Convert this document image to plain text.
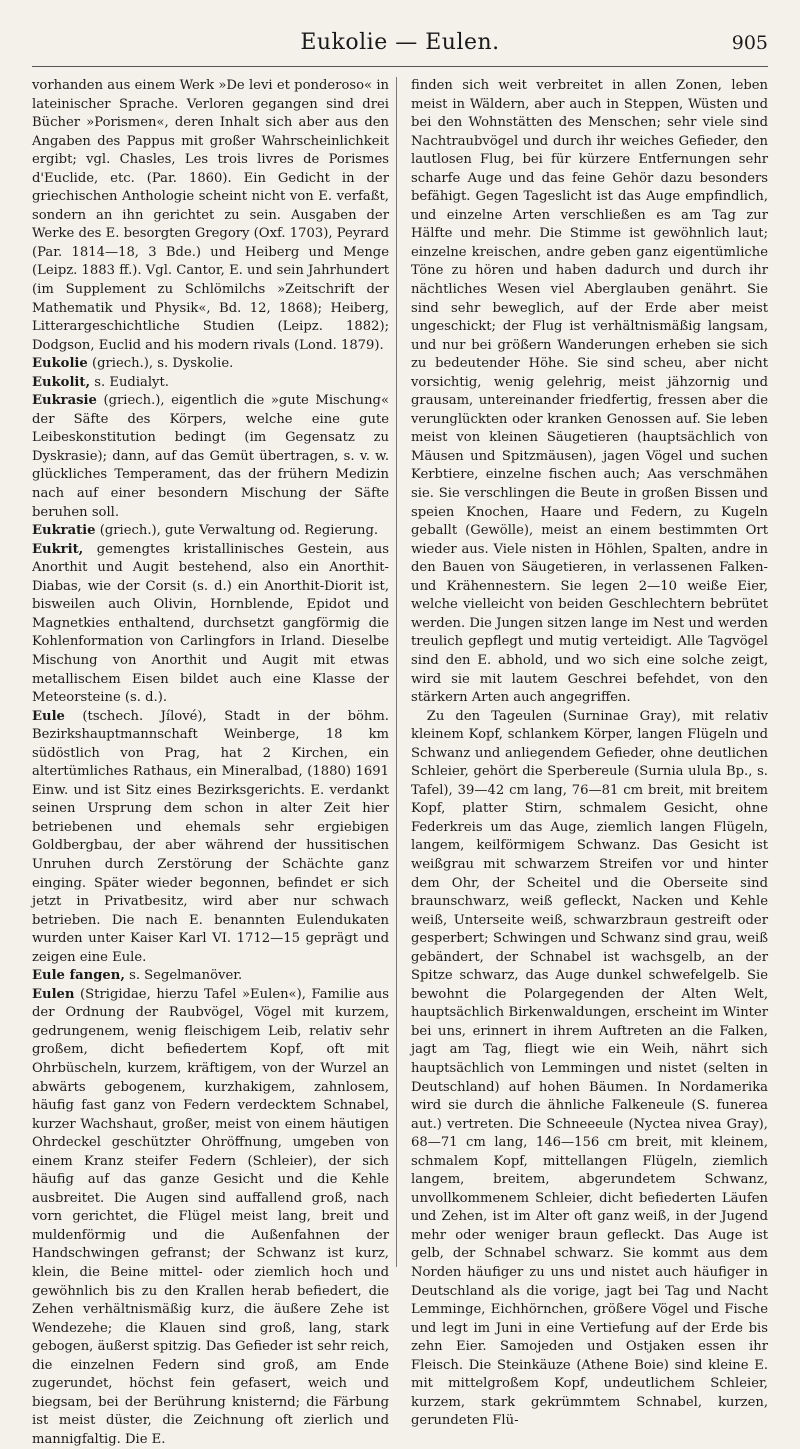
Eukolie — Eulen.	905

vorhanden aus einem Werk »De levi et ponderoso« in lateinischer Sprache. Verloren gegangen sind drei Bücher »Porismen«, deren Inhalt sich aber aus den Angaben des Pappus mit großer Wahrscheinlichkeit ergibt; vgl. Chasles, Les trois livres de Porismes d'Euclide, etc. (Par. 1860). Ein Gedicht in der griechischen Anthologie scheint nicht von E. verfaßt, sondern an ihn gerichtet zu sein. Ausgaben der Werke des E. besorgten Gregory (Oxf. 1703), Peyrard (Par. 1814—18, 3 Bde.) und Heiberg und Menge (Leipz. 1883 ff.). Vgl. Cantor, E. und sein Jahrhundert (im Supplement zu Schlömilchs »Zeitschrift der Mathematik und Physik«, Bd. 12, 1868); Heiberg, Litterargeschichtliche Studien (Leipz. 1882); Dodgson, Euclid and his modern rivals (Lond. 1879).

Eukolie (griech.), s. Dyskolie.

Eukolit, s. Eudialyt.

Eukrasie (griech.), eigentlich die »gute Mischung« der Säfte des Körpers, welche eine gute Leibeskonstitution bedingt (im Gegensatz zu Dyskrasie); dann, auf das Gemüt übertragen, s. v. w. glückliches Temperament, das der frühern Medizin nach auf einer besondern Mischung der Säfte beruhen soll.

Eukratie (griech.), gute Verwaltung od. Regierung.

Eukrit, gemengtes kristallinisches Gestein, aus Anorthit und Augit bestehend, also ein Anorthit-Diabas, wie der Corsit (s. d.) ein Anorthit-Diorit ist, bisweilen auch Olivin, Hornblende, Epidot und Magnetkies enthaltend, durchsetzt gangförmig die Kohlenformation von Carlingfors in Irland. Dieselbe Mischung von Anorthit und Augit mit etwas metallischem Eisen bildet auch eine Klasse der Meteorsteine (s. d.).

Eule (tschech. Jílové), Stadt in der böhm. Bezirkshauptmannschaft Weinberge, 18 km südöstlich von Prag, hat 2 Kirchen, ein altertümliches Rathaus, ein Mineralbad, (1880) 1691 Einw. und ist Sitz eines Bezirksgerichts. E. verdankt seinen Ursprung dem schon in alter Zeit hier betriebenen und ehemals sehr ergiebigen Goldbergbau, der aber während der hussitischen Unruhen durch Zerstörung der Schächte ganz einging. Später wieder begonnen, befindet er sich jetzt in Privatbesitz, wird aber nur schwach betrieben. Die nach E. benannten Eulendukaten wurden unter Kaiser Karl VI. 1712—15 geprägt und zeigen eine Eule.

Eule fangen, s. Segelmanöver.

Eulen (Strigidae, hierzu Tafel »Eulen«), Familie aus der Ordnung der Raubvögel, Vögel mit kurzem, gedrungenem, wenig fleischigem Leib, relativ sehr großem, dicht befiedertem Kopf, oft mit Ohrbüscheln, kurzem, kräftigem, von der Wurzel an abwärts gebogenem, kurzhakigem, zahnlosem, häufig fast ganz von Federn verdecktem Schnabel, kurzer Wachshaut, großer, meist von einem häutigen Ohrdeckel geschützter Ohröffnung, umgeben von einem Kranz steifer Federn (Schleier), der sich häufig auf das ganze Gesicht und die Kehle ausbreitet. Die Augen sind auffallend groß, nach vorn gerichtet, die Flügel meist lang, breit und muldenförmig und die Außenfahnen der Handschwingen gefranst; der Schwanz ist kurz, klein, die Beine mittel- oder ziemlich hoch und gewöhnlich bis zu den Krallen herab befiedert, die Zehen verhältnismäßig kurz, die äußere Zehe ist Wendezehe; die Klauen sind groß, lang, stark gebogen, äußerst spitzig. Das Gefieder ist sehr reich, die einzelnen Federn sind groß, am Ende zugerundet, höchst fein gefasert, weich und biegsam, bei der Berührung knisternd; die Färbung ist meist düster, die Zeichnung oft zierlich und mannigfaltig. Die E.

finden sich weit verbreitet in allen Zonen, leben meist in Wäldern, aber auch in Steppen, Wüsten und bei den Wohnstätten des Menschen; sehr viele sind Nachtraubvögel und durch ihr weiches Gefieder, den lautlosen Flug, bei für kürzere Entfernungen sehr scharfe Auge und das feine Gehör dazu besonders befähigt. Gegen Tageslicht ist das Auge empfindlich, und einzelne Arten verschließen es am Tag zur Hälfte und mehr. Die Stimme ist gewöhnlich laut; einzelne kreischen, andre geben ganz eigentümliche Töne zu hören und haben dadurch und durch ihr nächtliches Wesen viel Aberglauben genährt. Sie sind sehr beweglich, auf der Erde aber meist ungeschickt; der Flug ist verhältnismäßig langsam, und nur bei größern Wanderungen erheben sie sich zu bedeutender Höhe. Sie sind scheu, aber nicht vorsichtig, wenig gelehrig, meist jähzornig und grausam, untereinander friedfertig, fressen aber die verunglückten oder kranken Genossen auf. Sie leben meist von kleinen Säugetieren (hauptsächlich von Mäusen und Spitzmäusen), jagen Vögel und suchen Kerbtiere, einzelne fischen auch; Aas verschmähen sie. Sie verschlingen die Beute in großen Bissen und speien Knochen, Haare und Federn, zu Kugeln geballt (Gewölle), meist an einem bestimmten Ort wieder aus. Viele nisten in Höhlen, Spalten, andre in den Bauen von Säugetieren, in verlassenen Falken- und Krähennestern. Sie legen 2—10 weiße Eier, welche vielleicht von beiden Geschlechtern bebrütet werden. Die Jungen sitzen lange im Nest und werden treulich gepflegt und mutig verteidigt. Alle Tagvögel sind den E. abhold, und wo sich eine solche zeigt, wird sie mit lautem Geschrei befehdet, von den stärkern Arten auch angegriffen.

Zu den Tageulen (Surninae Gray), mit relativ kleinem Kopf, schlankem Körper, langen Flügeln und Schwanz und anliegendem Gefieder, ohne deutlichen Schleier, gehört die Sperbereule (Surnia ulula Bp., s. Tafel), 39—42 cm lang, 76—81 cm breit, mit breitem Kopf, platter Stirn, schmalem Gesicht, ohne Federkreis um das Auge, ziemlich langen Flügeln, langem, keilförmigem Schwanz. Das Gesicht ist weißgrau mit schwarzem Streifen vor und hinter dem Ohr, der Scheitel und die Oberseite sind braunschwarz, weiß gefleckt, Nacken und Kehle weiß, Unterseite weiß, schwarzbraun gestreift oder gesperbert; Schwingen und Schwanz sind grau, weiß gebändert, der Schnabel ist wachsgelb, an der Spitze schwarz, das Auge dunkel schwefelgelb. Sie bewohnt die Polargegenden der Alten Welt, hauptsächlich Birkenwaldungen, erscheint im Winter bei uns, erinnert in ihrem Auftreten an die Falken, jagt am Tag, fliegt wie ein Weih, nährt sich hauptsächlich von Lemmingen und nistet (selten in Deutschland) auf hohen Bäumen. In Nordamerika wird sie durch die ähnliche Falkeneule (S. funerea aut.) vertreten. Die Schneeeule (Nyctea nivea Gray), 68—71 cm lang, 146—156 cm breit, mit kleinem, schmalem Kopf, mittellangen Flügeln, ziemlich langem, breitem, abgerundetem Schwanz, unvollkommenem Schleier, dicht befiederten Läufen und Zehen, ist im Alter oft ganz weiß, in der Jugend mehr oder weniger braun gefleckt. Das Auge ist gelb, der Schnabel schwarz. Sie kommt aus dem Norden häufiger zu uns und nistet auch häufiger in Deutschland als die vorige, jagt bei Tag und Nacht Lemminge, Eichhörnchen, größere Vögel und Fische und legt im Juni in eine Vertiefung auf der Erde bis zehn Eier. Samojeden und Ostjaken essen ihr Fleisch. Die Steinkäuze (Athene Boie) sind kleine E. mit mittelgroßem Kopf, undeutlichem Schleier, kurzem, stark gekrümmtem Schnabel, kurzen, gerundeten Flü-
